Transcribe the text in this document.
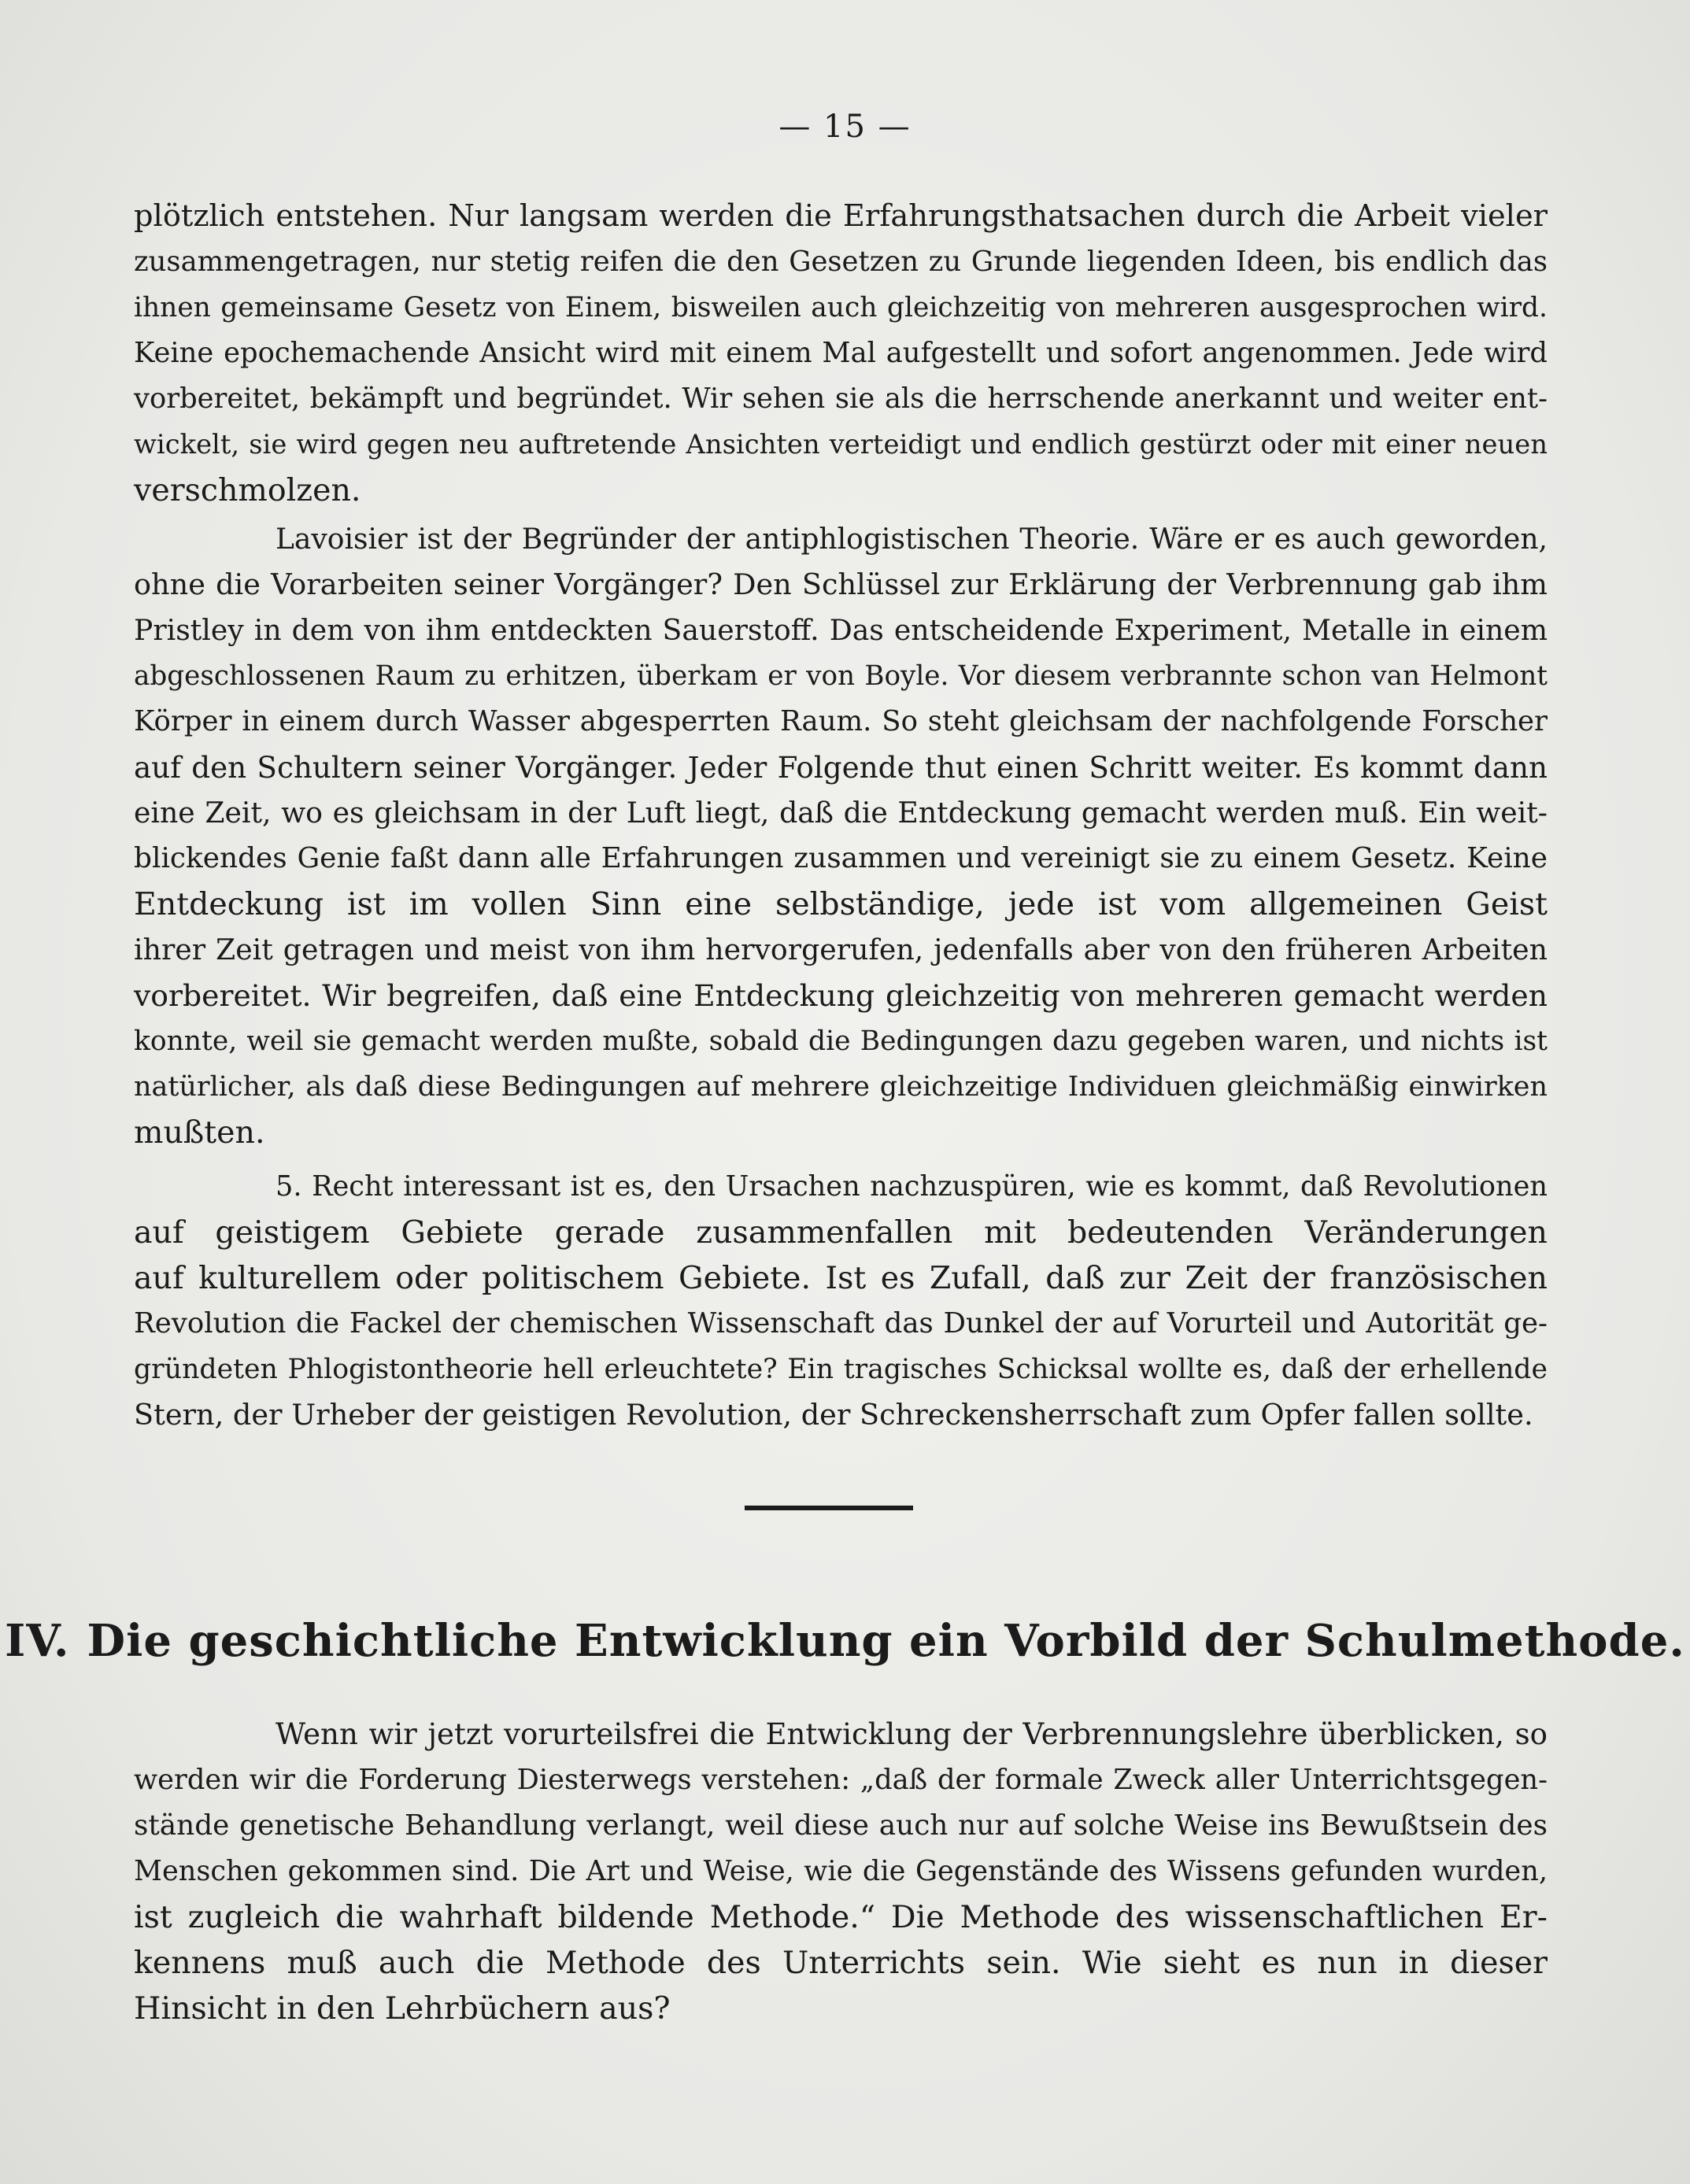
— 15 —
plötzlich entstehen. Nur langsam werden die Erfahrungsthatsachen durch die Arbeit vieler
zusammengetragen, nur stetig reifen die den Gesetzen zu Grunde liegenden Ideen, bis endlich das
ihnen gemeinsame Gesetz von Einem, bisweilen auch gleichzeitig von mehreren ausgesprochen wird.
Keine epochemachende Ansicht wird mit einem Mal aufgestellt und sofort angenommen. Jede wird
vorbereitet, bekämpft und begründet. Wir sehen sie als die herrschende anerkannt und weiter ent-
wickelt, sie wird gegen neu auftretende Ansichten verteidigt und endlich gestürzt oder mit einer neuen
verschmolzen.
Lavoisier ist der Begründer der antiphlogistischen Theorie. Wäre er es auch geworden,
ohne die Vorarbeiten seiner Vorgänger? Den Schlüssel zur Erklärung der Verbrennung gab ihm
Pristley in dem von ihm entdeckten Sauerstoff. Das entscheidende Experiment, Metalle in einem
abgeschlossenen Raum zu erhitzen, überkam er von Boyle. Vor diesem verbrannte schon van Helmont
Körper in einem durch Wasser abgesperrten Raum. So steht gleichsam der nachfolgende Forscher
auf den Schultern seiner Vorgänger. Jeder Folgende thut einen Schritt weiter. Es kommt dann
eine Zeit, wo es gleichsam in der Luft liegt, daß die Entdeckung gemacht werden muß. Ein weit-
blickendes Genie faßt dann alle Erfahrungen zusammen und vereinigt sie zu einem Gesetz. Keine
Entdeckung ist im vollen Sinn eine selbständige, jede ist vom allgemeinen Geist
ihrer Zeit getragen und meist von ihm hervorgerufen, jedenfalls aber von den früheren Arbeiten
vorbereitet. Wir begreifen, daß eine Entdeckung gleichzeitig von mehreren gemacht werden
konnte, weil sie gemacht werden mußte, sobald die Bedingungen dazu gegeben waren, und nichts ist
natürlicher, als daß diese Bedingungen auf mehrere gleichzeitige Individuen gleichmäßig einwirken
mußten.
5. Recht interessant ist es, den Ursachen nachzuspüren, wie es kommt, daß Revolutionen
auf geistigem Gebiete gerade zusammenfallen mit bedeutenden Veränderungen
auf kulturellem oder politischem Gebiete. Ist es Zufall, daß zur Zeit der französischen
Revolution die Fackel der chemischen Wissenschaft das Dunkel der auf Vorurteil und Autorität ge-
gründeten Phlogistontheorie hell erleuchtete? Ein tragisches Schicksal wollte es, daß der erhellende
Stern, der Urheber der geistigen Revolution, der Schreckensherrschaft zum Opfer fallen sollte.
IV. Die geschichtliche Entwicklung ein Vorbild der Schulmethode.
Wenn wir jetzt vorurteilsfrei die Entwicklung der Verbrennungslehre überblicken, so
werden wir die Forderung Diesterwegs verstehen: „daß der formale Zweck aller Unterrichtsgegen-
stände genetische Behandlung verlangt, weil diese auch nur auf solche Weise ins Bewußtsein des
Menschen gekommen sind. Die Art und Weise, wie die Gegenstände des Wissens gefunden wurden,
ist zugleich die wahrhaft bildende Methode.“ Die Methode des wissenschaftlichen Er-
kennens muß auch die Methode des Unterrichts sein. Wie sieht es nun in dieser
Hinsicht in den Lehrbüchern aus?
